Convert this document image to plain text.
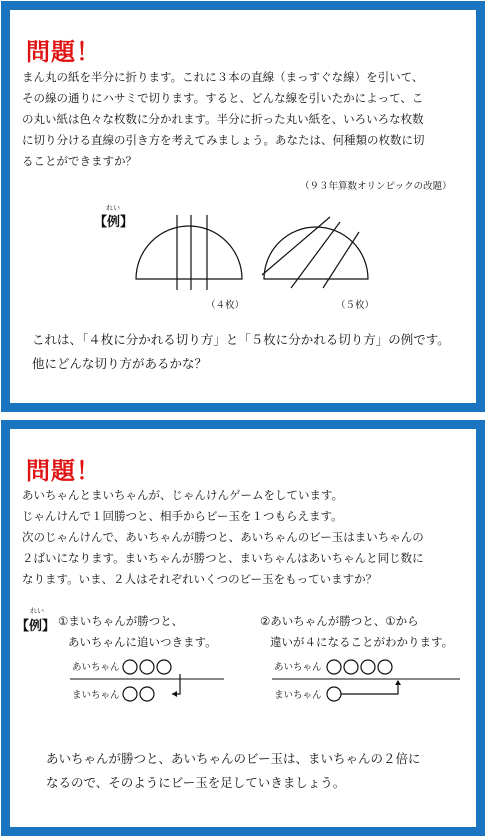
問題！
まん丸の紙を半分に折ります。これに３本の直線（まっすぐな線）を引いて、
その線の通りにハサミで切ります。すると、どんな線を引いたかによって、こ
の丸い紙は色々な枚数に分かれます。半分に折った丸い紙を、いろいろな枚数
に切り分ける直線の引き方を考えてみましょう。あなたは、何種類の枚数に切
ることができますか？
（９３年算数オリンピックの改題）
れい
【例】
（４枚）	（５枚）
これは、「４枚に分かれる切り方」と「５枚に分かれる切り方」の例です。
他にどんな切り方があるかな？
問題！
あいちゃんとまいちゃんが、じゃんけんゲームをしています。
じゃんけんで１回勝つと、相手からビー玉を１つもらえます。
次のじゃんけんで、あいちゃんが勝つと、あいちゃんのビー玉はまいちゃんの
２ばいになります。まいちゃんが勝つと、まいちゃんはあいちゃんと同じ数に
なります。いま、２人はそれぞれいくつのビー玉をもっていますか？
れい
【例】 ①まいちゃんが勝つと、
あいちゃんに追いつきます。
②あいちゃんが勝つと、①から
違いが４になることがわかります。
あいちゃん
まいちゃん
あいちゃん
まいちゃん
あいちゃんが勝つと、あいちゃんのビー玉は、まいちゃんの２倍に
なるので、そのようにビー玉を足していきましょう。
